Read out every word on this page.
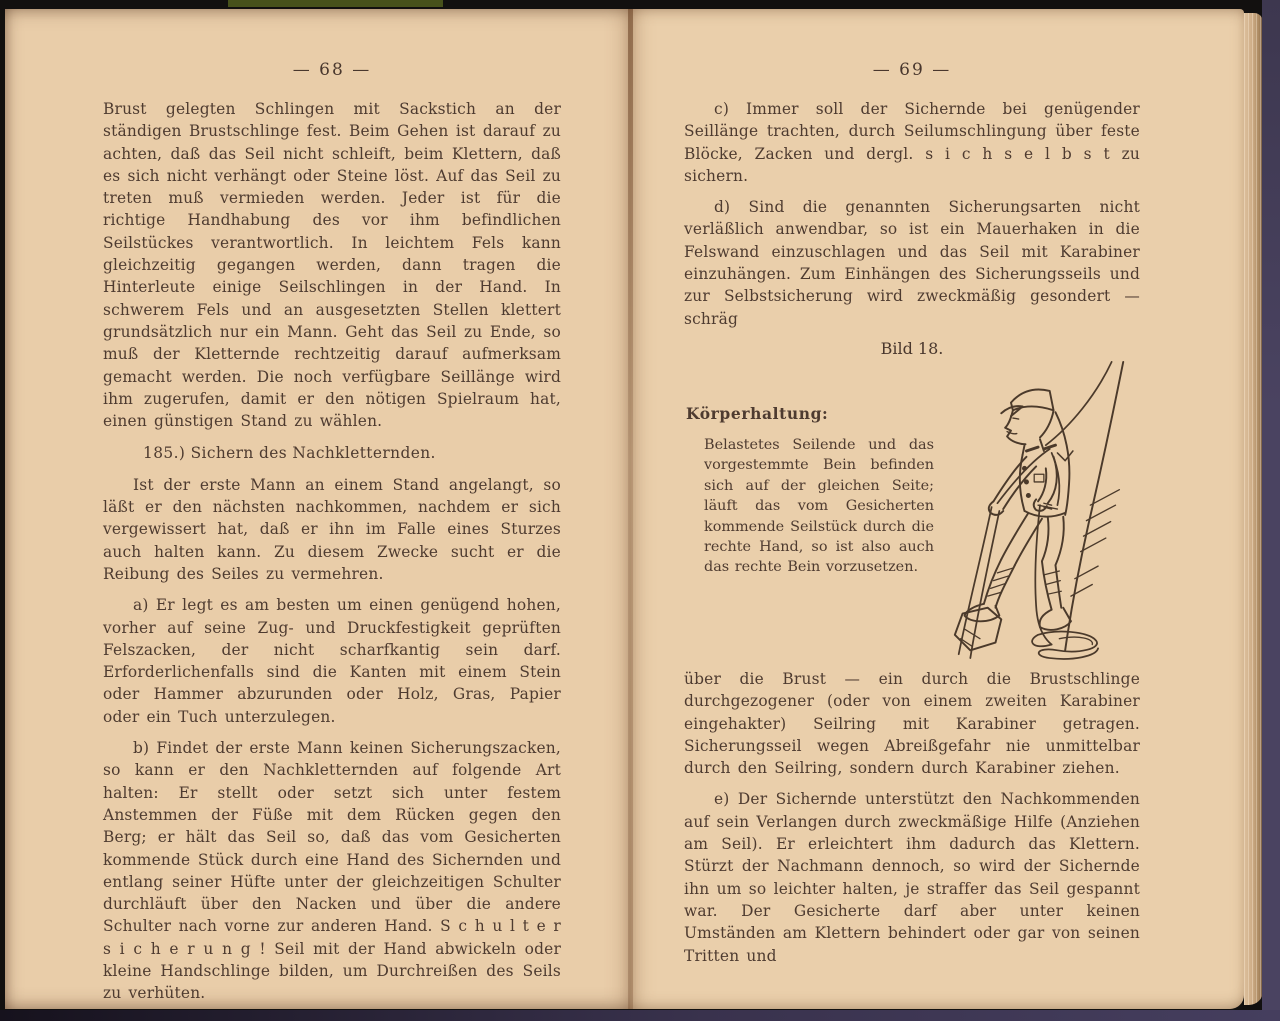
— 68 —

Brust gelegten Schlingen mit Sackstich an der ständigen Brustschlinge fest. Beim Gehen ist darauf zu achten, daß das Seil nicht schleift, beim Klettern, daß es sich nicht verhängt oder Steine löst. Auf das Seil zu treten muß vermieden werden. Jeder ist für die richtige Handhabung des vor ihm befindlichen Seilstückes verantwortlich. In leichtem Fels kann gleichzeitig gegangen werden, dann tragen die Hinterleute einige Seilschlingen in der Hand. In schwerem Fels und an ausgesetzten Stellen klettert grundsätzlich nur ein Mann. Geht das Seil zu Ende, so muß der Kletternde rechtzeitig darauf aufmerksam gemacht werden. Die noch verfügbare Seillänge wird ihm zugerufen, damit er den nötigen Spielraum hat, einen günstigen Stand zu wählen.

185.) Sichern des Nachkletternden.

Ist der erste Mann an einem Stand angelangt, so läßt er den nächsten nachkommen, nachdem er sich vergewissert hat, daß er ihn im Falle eines Sturzes auch halten kann. Zu diesem Zwecke sucht er die Reibung des Seiles zu vermehren.

a) Er legt es am besten um einen genügend hohen, vorher auf seine Zug- und Druckfestigkeit geprüften Felszacken, der nicht scharfkantig sein darf. Erforderlichenfalls sind die Kanten mit einem Stein oder Hammer abzurunden oder Holz, Gras, Papier oder ein Tuch unterzulegen.

b) Findet der erste Mann keinen Sicherungszacken, so kann er den Nachkletternden auf folgende Art halten: Er stellt oder setzt sich unter festem Anstemmen der Füße mit dem Rücken gegen den Berg; er hält das Seil so, daß das vom Gesicherten kommende Stück durch eine Hand des Sichernden und entlang seiner Hüfte unter der gleichzeitigen Schulter durchläuft über den Nacken und über die andere Schulter nach vorne zur anderen Hand. S c h u l t e r s i c h e r u n g ! Seil mit der Hand abwickeln oder kleine Handschlinge bilden, um Durchreißen des Seils zu verhüten.

— 69 —

c) Immer soll der Sichernde bei genügender Seillänge trachten, durch Seilumschlingung über feste Blöcke, Zacken und dergl. s i c h s e l b s t zu sichern.

d) Sind die genannten Sicherungsarten nicht verläßlich anwendbar, so ist ein Mauerhaken in die Felswand einzuschlagen und das Seil mit Karabiner einzuhängen. Zum Einhängen des Sicherungsseils und zur Selbstsicherung wird zweckmäßig gesondert — schräg

Bild 18.
Körperhaltung:
Belastetes Seilende und das vorgestemmte Bein befinden sich auf der gleichen Seite; läuft das vom Gesicherten kommende Seilstück durch die rechte Hand, so ist also auch das rechte Bein vorzusetzen.

über die Brust — ein durch die Brustschlinge durchgezogener (oder von einem zweiten Karabiner eingehakter) Seilring mit Karabiner getragen. Sicherungsseil wegen Abreißgefahr nie unmittelbar durch den Seilring, sondern durch Karabiner ziehen.

e) Der Sichernde unterstützt den Nachkommenden auf sein Verlangen durch zweckmäßige Hilfe (Anziehen am Seil). Er erleichtert ihm dadurch das Klettern. Stürzt der Nachmann dennoch, so wird der Sichernde ihn um so leichter halten, je straffer das Seil gespannt war. Der Gesicherte darf aber unter keinen Umständen am Klettern behindert oder gar von seinen Tritten und
